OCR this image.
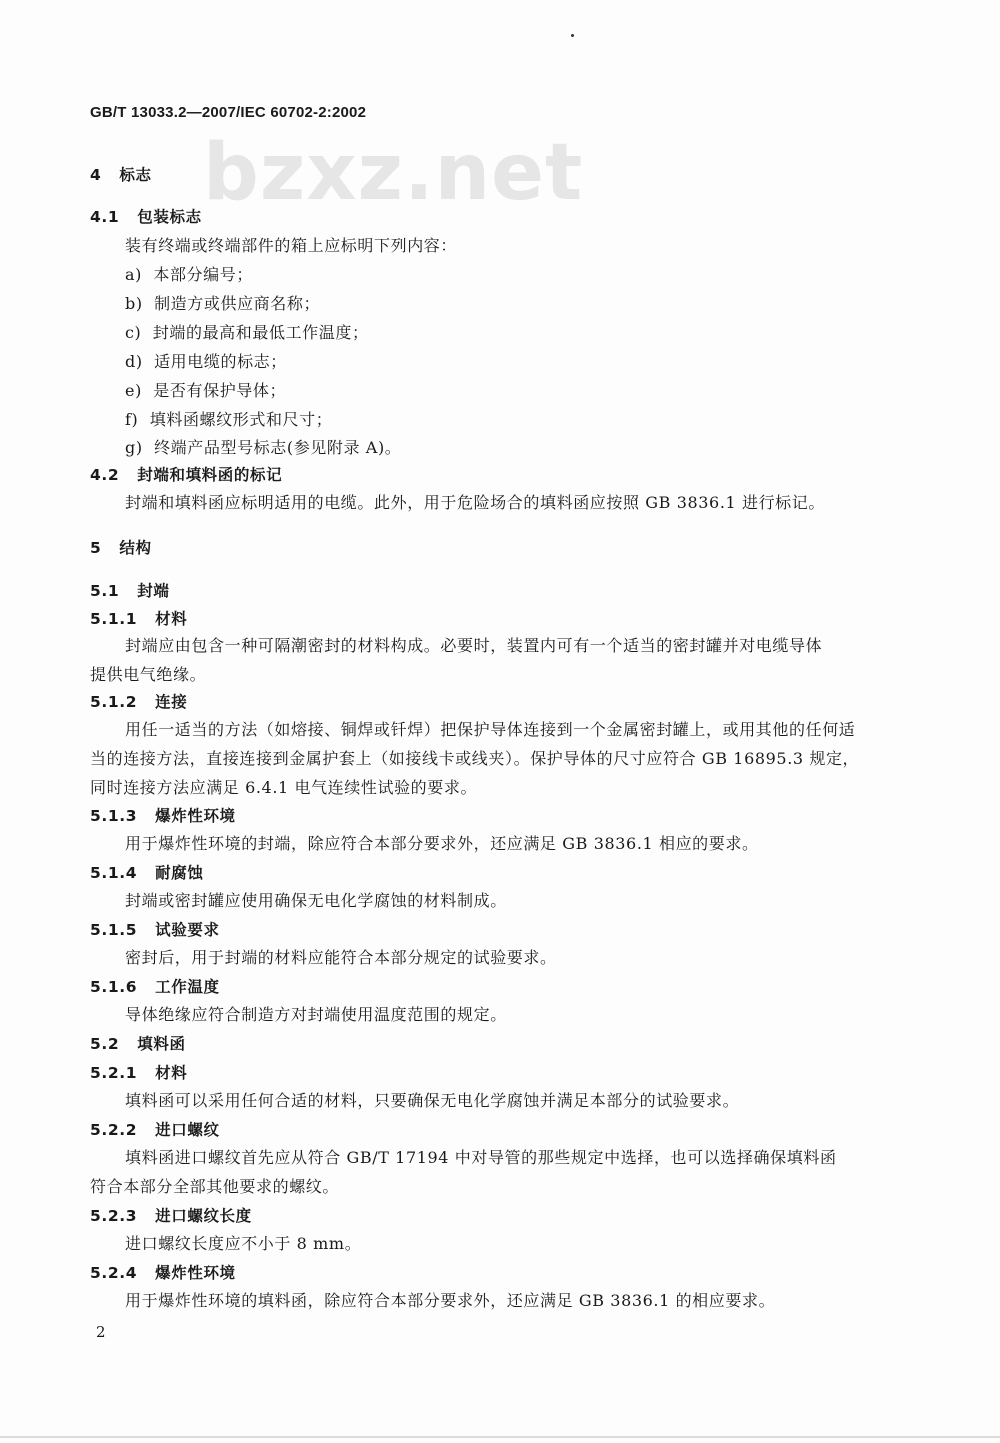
GB/T 13033.2—2007/IEC 60702-2:2002
bzxz.net
4 标志
4.1 包装标志
装有终端或终端部件的箱上应标明下列内容：
a) 本部分编号；
b) 制造方或供应商名称；
c) 封端的最高和最低工作温度；
d) 适用电缆的标志；
e) 是否有保护导体；
f) 填料函螺纹形式和尺寸；
g) 终端产品型号标志(参见附录 A)。
4.2 封端和填料函的标记
封端和填料函应标明适用的电缆。此外，用于危险场合的填料函应按照 GB 3836.1 进行标记。
5 结构
5.1 封端
5.1.1 材料
封端应由包含一种可隔潮密封的材料构成。必要时，装置内可有一个适当的密封罐并对电缆导体
提供电气绝缘。
5.1.2 连接
用任一适当的方法（如熔接、铜焊或钎焊）把保护导体连接到一个金属密封罐上，或用其他的任何适
当的连接方法，直接连接到金属护套上（如接线卡或线夹）。保护导体的尺寸应符合 GB 16895.3 规定，
同时连接方法应满足 6.4.1 电气连续性试验的要求。
5.1.3 爆炸性环境
用于爆炸性环境的封端，除应符合本部分要求外，还应满足 GB 3836.1 相应的要求。
5.1.4 耐腐蚀
封端或密封罐应使用确保无电化学腐蚀的材料制成。
5.1.5 试验要求
密封后，用于封端的材料应能符合本部分规定的试验要求。
5.1.6 工作温度
导体绝缘应符合制造方对封端使用温度范围的规定。
5.2 填料函
5.2.1 材料
填料函可以采用任何合适的材料，只要确保无电化学腐蚀并满足本部分的试验要求。
5.2.2 进口螺纹
填料函进口螺纹首先应从符合 GB/T 17194 中对导管的那些规定中选择，也可以选择确保填料函
符合本部分全部其他要求的螺纹。
5.2.3 进口螺纹长度
进口螺纹长度应不小于 8 mm。
5.2.4 爆炸性环境
用于爆炸性环境的填料函，除应符合本部分要求外，还应满足 GB 3836.1 的相应要求。
2
